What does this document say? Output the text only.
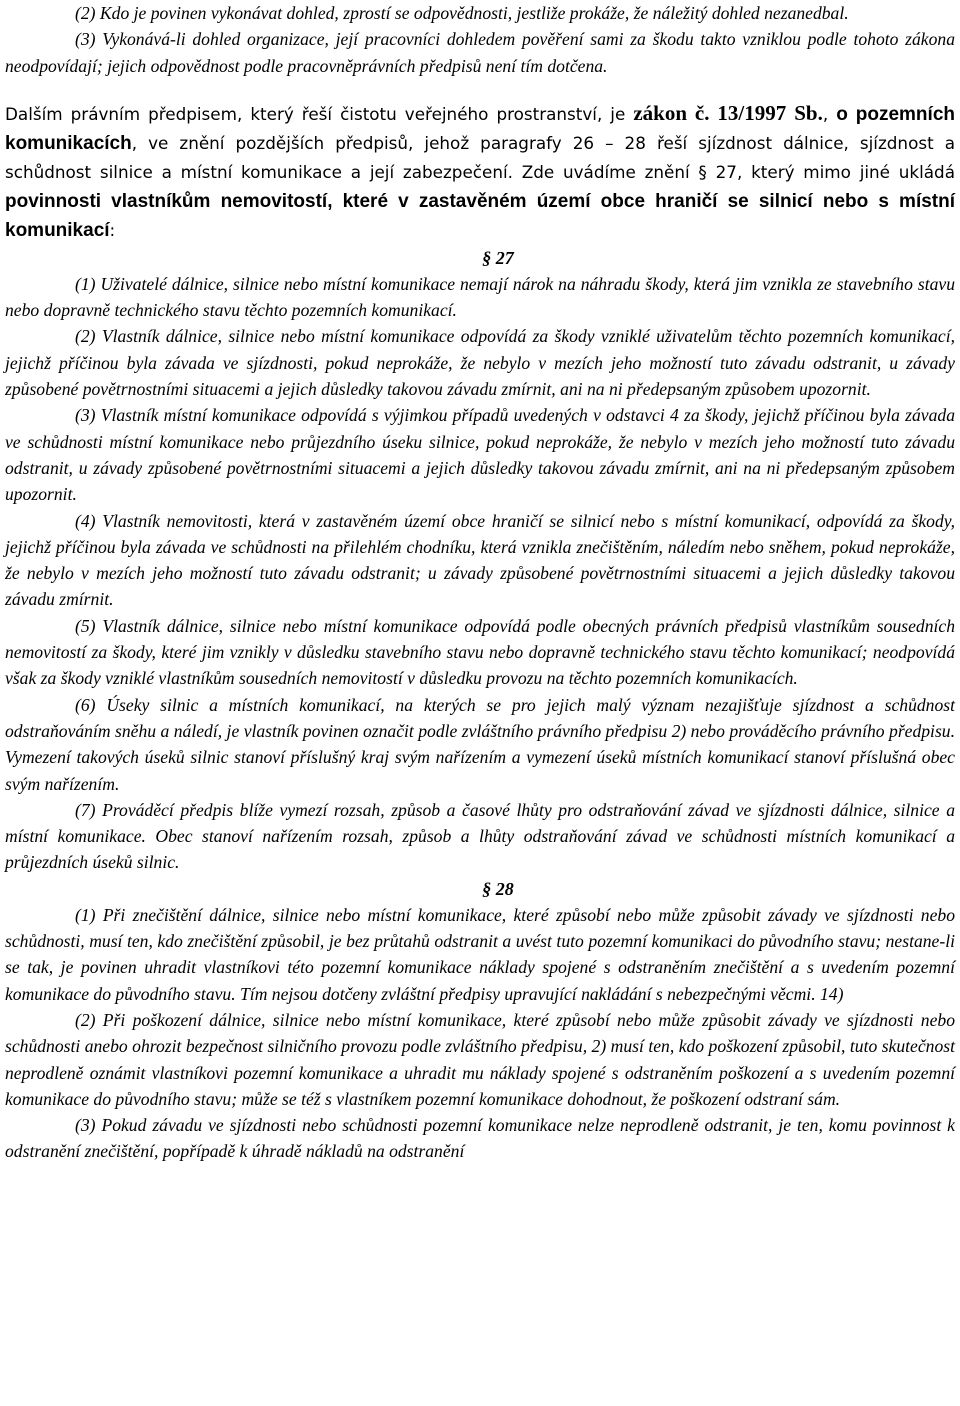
(2) Kdo je povinen vykonávat dohled, zprostí se odpovědnosti, jestliže prokáže, že náležitý dohled nezanedbal.

(3) Vykonává-li dohled organizace, její pracovníci dohledem pověření sami za škodu takto vzniklou podle tohoto zákona neodpovídají; jejich odpovědnost podle pracovněprávních předpisů není tím dotčena.

Dalším právním předpisem, který řeší čistotu veřejného prostranství, je zákon č. 13/1997 Sb., o pozemních komunikacích, ve znění pozdějších předpisů, jehož paragrafy 26 – 28 řeší sjízdnost dálnice, sjízdnost a schůdnost silnice a místní komunikace a její zabezpečení. Zde uvádíme znění § 27, který mimo jiné ukládá povinnosti vlastníkům nemovitostí, které v zastavěném území obce hraničí se silnicí nebo s místní komunikací:

§ 27

(1) Uživatelé dálnice, silnice nebo místní komunikace nemají nárok na náhradu škody, která jim vznikla ze stavebního stavu nebo dopravně technického stavu těchto pozemních komunikací.

(2) Vlastník dálnice, silnice nebo místní komunikace odpovídá za škody vzniklé uživatelům těchto pozemních komunikací, jejichž příčinou byla závada ve sjízdnosti, pokud neprokáže, že nebylo v mezích jeho možností tuto závadu odstranit, u závady způsobené povětrnostními situacemi a jejich důsledky takovou závadu zmírnit, ani na ni předepsaným způsobem upozornit.

(3) Vlastník místní komunikace odpovídá s výjimkou případů uvedených v odstavci 4 za škody, jejichž příčinou byla závada ve schůdnosti místní komunikace nebo průjezdního úseku silnice, pokud neprokáže, že nebylo v mezích jeho možností tuto závadu odstranit, u závady způsobené povětrnostními situacemi a jejich důsledky takovou závadu zmírnit, ani na ni předepsaným způsobem upozornit.

(4) Vlastník nemovitosti, která v zastavěném území obce hraničí se silnicí nebo s místní komunikací, odpovídá za škody, jejichž příčinou byla závada ve schůdnosti na přilehlém chodníku, která vznikla znečištěním, náledím nebo sněhem, pokud neprokáže, že nebylo v mezích jeho možností tuto závadu odstranit; u závady způsobené povětrnostními situacemi a jejich důsledky takovou závadu zmírnit.

(5) Vlastník dálnice, silnice nebo místní komunikace odpovídá podle obecných právních předpisů vlastníkům sousedních nemovitostí za škody, které jim vznikly v důsledku stavebního stavu nebo dopravně technického stavu těchto komunikací; neodpovídá však za škody vzniklé vlastníkům sousedních nemovitostí v důsledku provozu na těchto pozemních komunikacích.

(6) Úseky silnic a místních komunikací, na kterých se pro jejich malý význam nezajišťuje sjízdnost a schůdnost odstraňováním sněhu a náledí, je vlastník povinen označit podle zvláštního právního předpisu 2) nebo prováděcího právního předpisu. Vymezení takových úseků silnic stanoví příslušný kraj svým nařízením a vymezení úseků místních komunikací stanoví příslušná obec svým nařízením.

(7) Prováděcí předpis blíže vymezí rozsah, způsob a časové lhůty pro odstraňování závad ve sjízdnosti dálnice, silnice a místní komunikace. Obec stanoví nařízením rozsah, způsob a lhůty odstraňování závad ve schůdnosti místních komunikací a průjezdních úseků silnic.

§ 28

(1) Při znečištění dálnice, silnice nebo místní komunikace, které způsobí nebo může způsobit závady ve sjízdnosti nebo schůdnosti, musí ten, kdo znečištění způsobil, je bez průtahů odstranit a uvést tuto pozemní komunikaci do původního stavu; nestane-li se tak, je povinen uhradit vlastníkovi této pozemní komunikace náklady spojené s odstraněním znečištění a s uvedením pozemní komunikace do původního stavu. Tím nejsou dotčeny zvláštní předpisy upravující nakládání s nebezpečnými věcmi. 14)

(2) Při poškození dálnice, silnice nebo místní komunikace, které způsobí nebo může způsobit závady ve sjízdnosti nebo schůdnosti anebo ohrozit bezpečnost silničního provozu podle zvláštního předpisu, 2) musí ten, kdo poškození způsobil, tuto skutečnost neprodleně oznámit vlastníkovi pozemní komunikace a uhradit mu náklady spojené s odstraněním poškození a s uvedením pozemní komunikace do původního stavu; může se též s vlastníkem pozemní komunikace dohodnout, že poškození odstraní sám.

(3) Pokud závadu ve sjízdnosti nebo schůdnosti pozemní komunikace nelze neprodleně odstranit, je ten, komu povinnost k odstranění znečištění, popřípadě k úhradě nákladů na odstranění
